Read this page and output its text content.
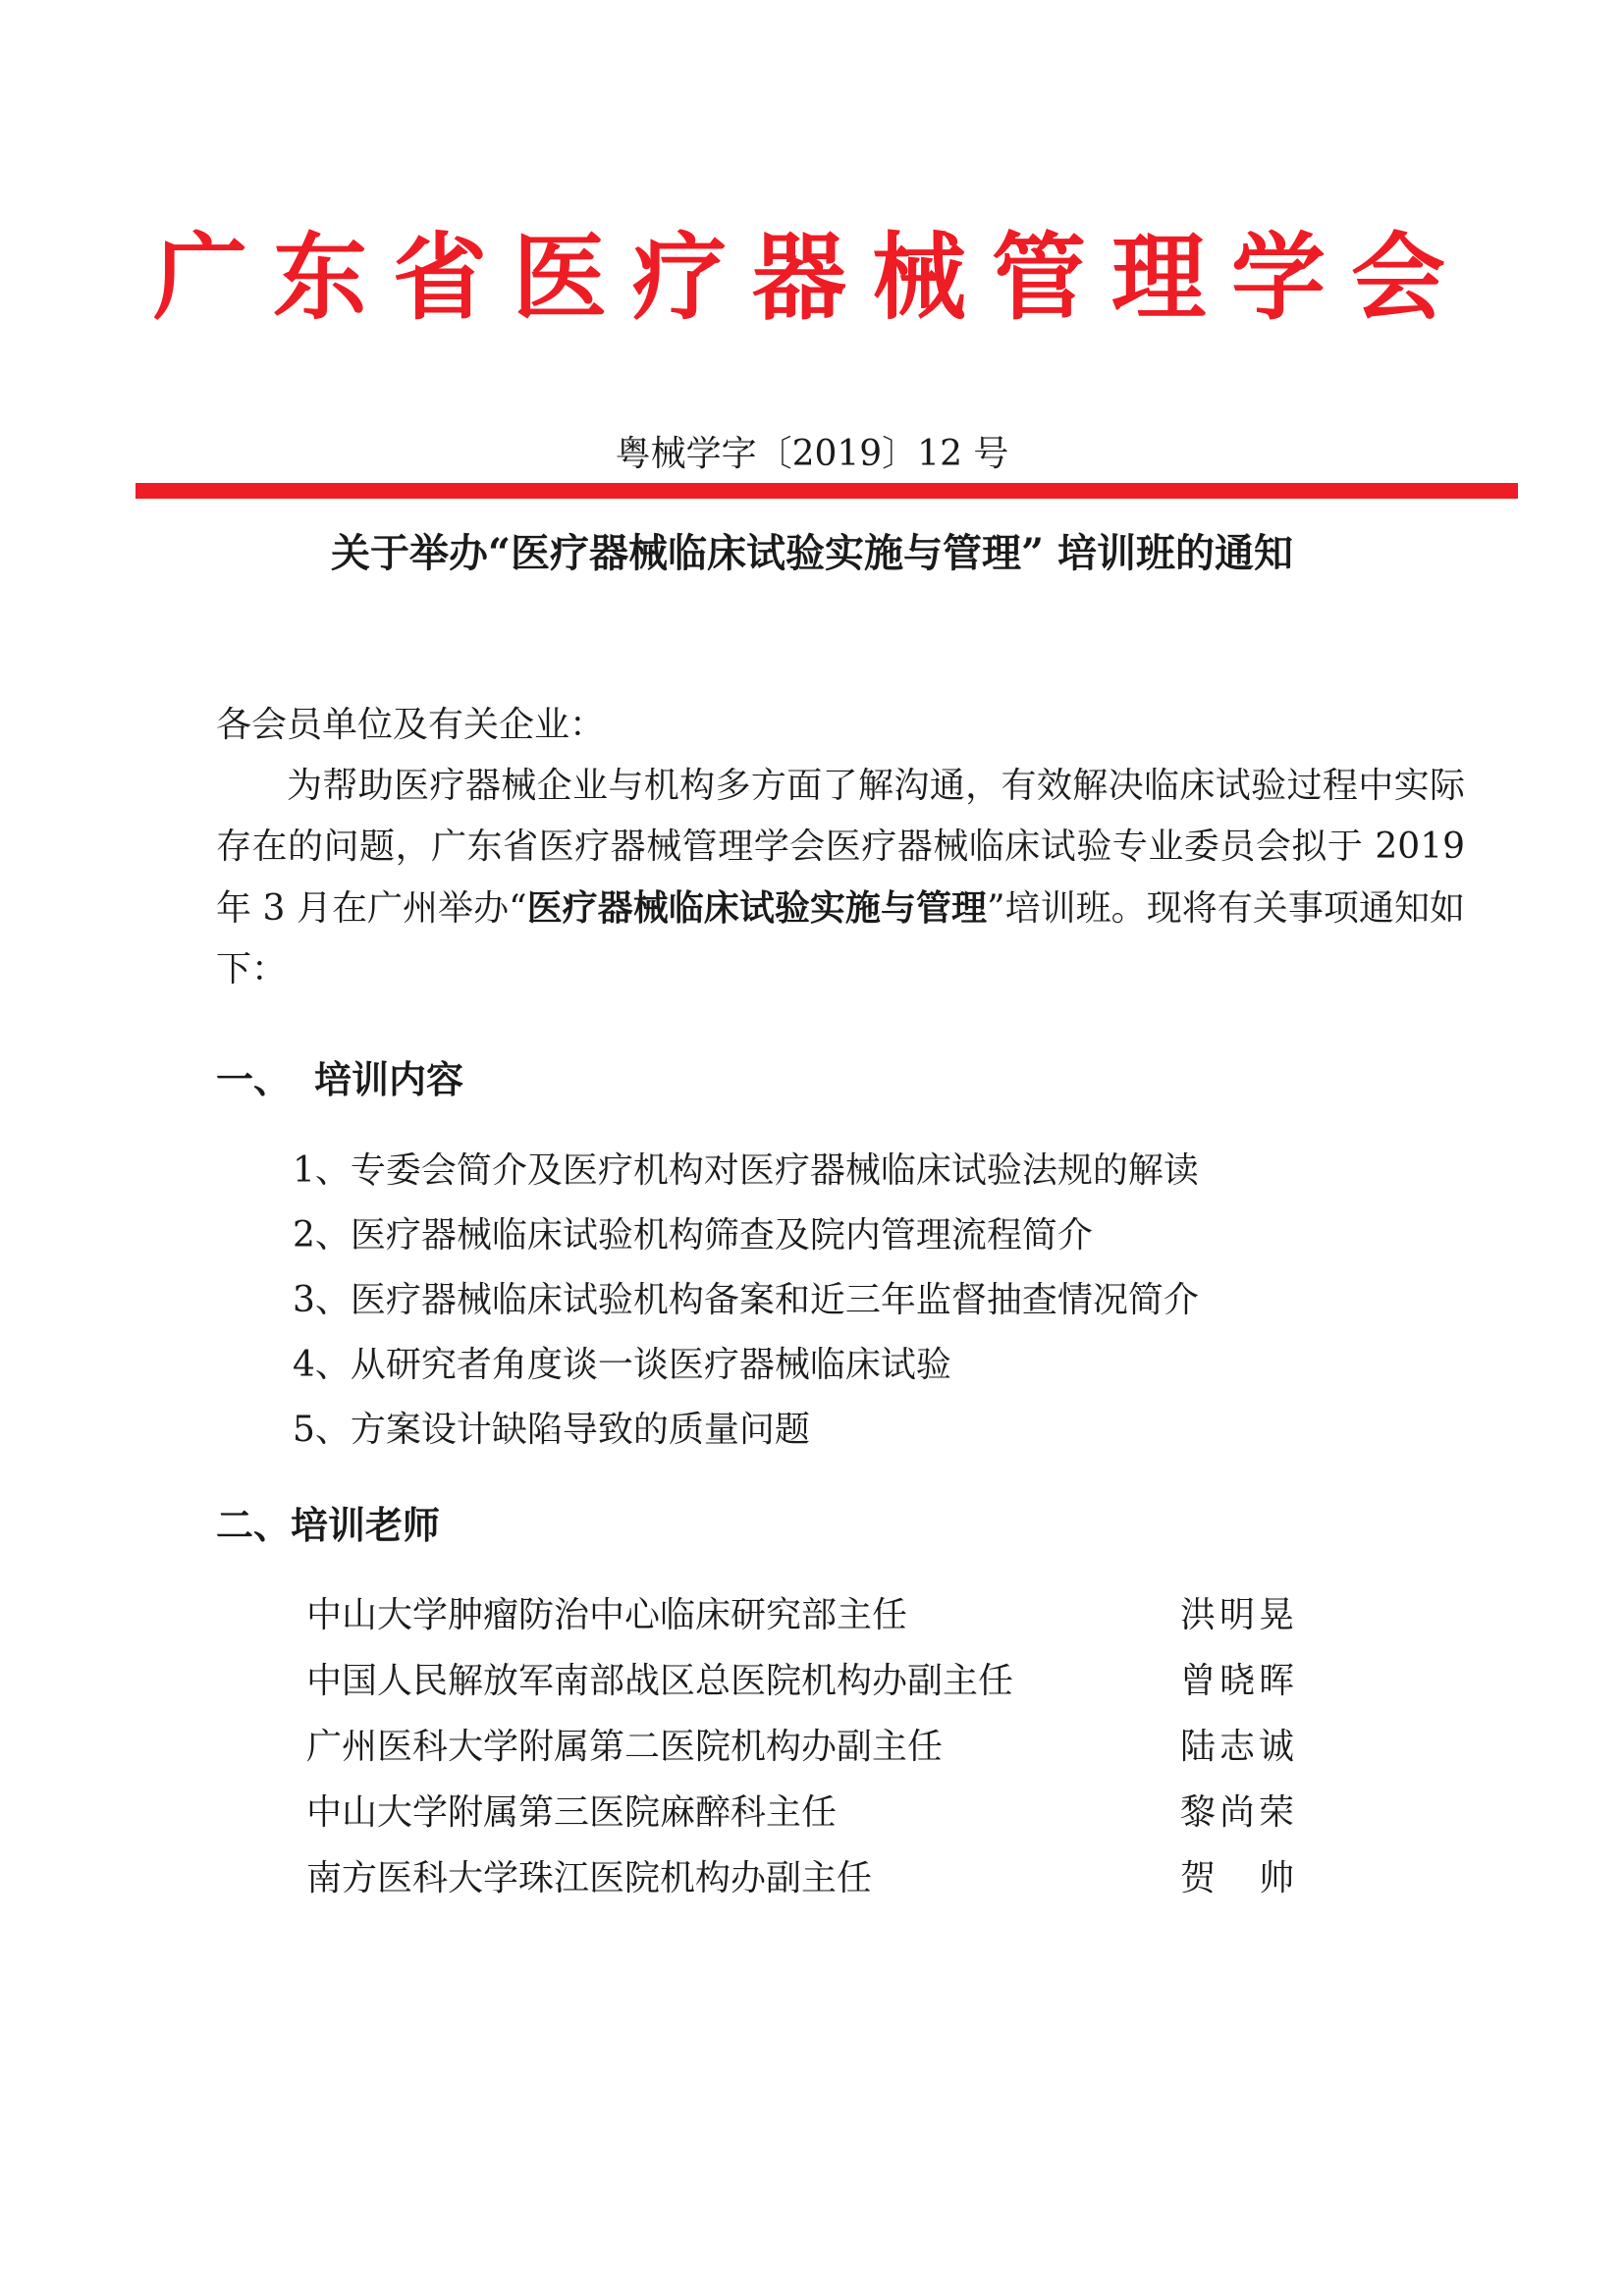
广东省医疗器械管理学会
粤械学字〔2019〕12 号
关于举办“医疗器械临床试验实施与管理” 培训班的通知
各会员单位及有关企业：

为帮助医疗器械企业与机构多方面了解沟通，有效解决临床试验过程中实际存在的问题，广东省医疗器械管理学会医疗器械临床试验专业委员会拟于 2019 年 3 月在广州举办“医疗器械临床试验实施与管理”培训班。现将有关事项通知如下：

一、 培训内容
1、专委会简介及医疗机构对医疗器械临床试验法规的解读
2、医疗器械临床试验机构筛查及院内管理流程简介
3、医疗器械临床试验机构备案和近三年监督抽查情况简介
4、从研究者角度谈一谈医疗器械临床试验
5、方案设计缺陷导致的质量问题
二、培训老师
中山大学肿瘤防治中心临床研究部主任	洪明晃
中国人民解放军南部战区总医院机构办副主任	曾晓晖
广州医科大学附属第二医院机构办副主任	陆志诚
中山大学附属第三医院麻醉科主任	黎尚荣
南方医科大学珠江医院机构办副主任	贺　帅
